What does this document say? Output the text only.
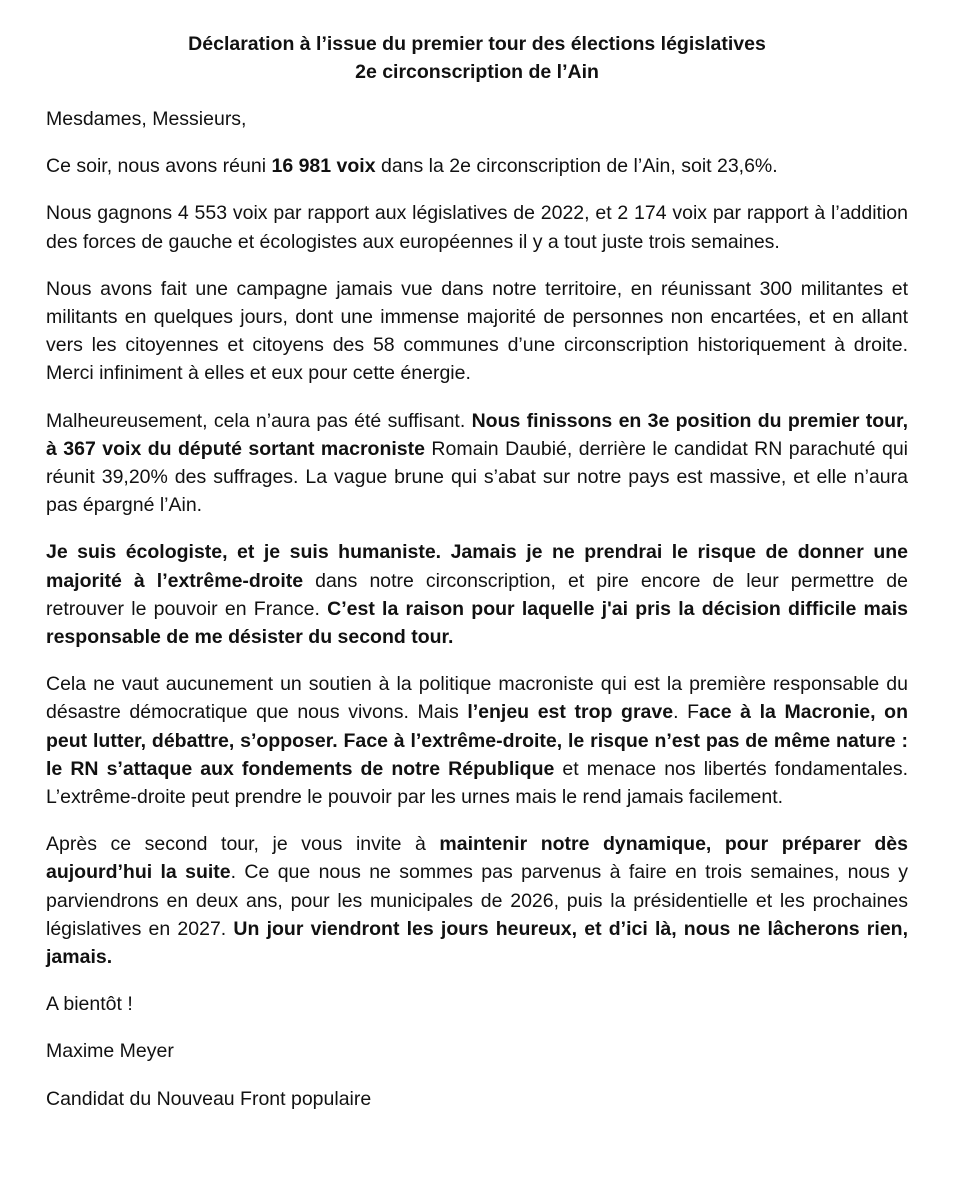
Déclaration à l’issue du premier tour des élections législatives
2e circonscription de l’Ain

Mesdames, Messieurs,

Ce soir, nous avons réuni 16 981 voix dans la 2e circonscription de l’Ain, soit 23,6%.

Nous gagnons 4 553 voix par rapport aux législatives de 2022, et 2 174 voix par rapport à l’addition des forces de gauche et écologistes aux européennes il y a tout juste trois semaines.

Nous avons fait une campagne jamais vue dans notre territoire, en réunissant 300 militantes et militants en quelques jours, dont une immense majorité de personnes non encartées, et en allant vers les citoyennes et citoyens des 58 communes d’une circonscription historiquement à droite. Merci infiniment à elles et eux pour cette énergie.

Malheureusement, cela n’aura pas été suffisant. Nous finissons en 3e position du premier tour, à 367 voix du député sortant macroniste Romain Daubié, derrière le candidat RN parachuté qui réunit 39,20% des suffrages. La vague brune qui s’abat sur notre pays est massive, et elle n’aura pas épargné l’Ain.

Je suis écologiste, et je suis humaniste. Jamais je ne prendrai le risque de donner une majorité à l’extrême-droite dans notre circonscription, et pire encore de leur permettre de retrouver le pouvoir en France. C’est la raison pour laquelle j'ai pris la décision difficile mais responsable de me désister du second tour.

Cela ne vaut aucunement un soutien à la politique macroniste qui est la première responsable du désastre démocratique que nous vivons. Mais l’enjeu est trop grave. Face à la Macronie, on peut lutter, débattre, s’opposer. Face à l’extrême-droite, le risque n’est pas de même nature : le RN s’attaque aux fondements de notre République et menace nos libertés fondamentales. L’extrême-droite peut prendre le pouvoir par les urnes mais le rend jamais facilement.

Après ce second tour, je vous invite à maintenir notre dynamique, pour préparer dès aujourd’hui la suite. Ce que nous ne sommes pas parvenus à faire en trois semaines, nous y parviendrons en deux ans, pour les municipales de 2026, puis la présidentielle et les prochaines législatives en 2027. Un jour viendront les jours heureux, et d’ici là, nous ne lâcherons rien, jamais.

A bientôt !

Maxime Meyer

Candidat du Nouveau Front populaire
